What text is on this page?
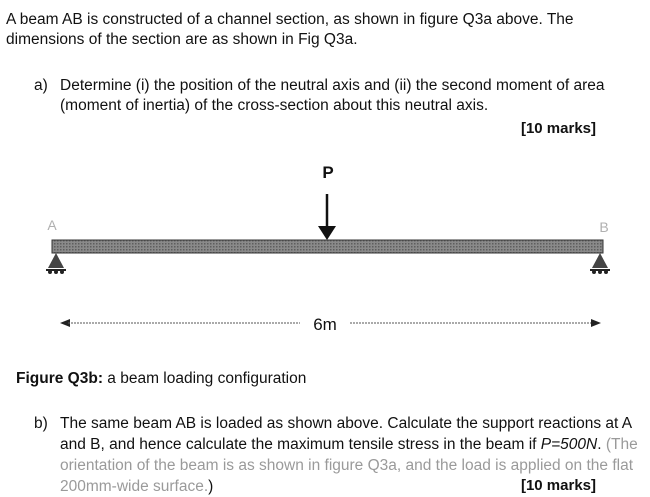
A beam AB is constructed of a channel section, as shown in figure Q3a above. The dimensions of the section are as shown in Fig Q3a.
a) Determine (i) the position of the neutral axis and (ii) the second moment of area (moment of inertia) of the cross-section about this neutral axis.
[10 marks]
P
A	B
6m
Figure Q3b: a beam loading configuration
b) The same beam AB is loaded as shown above. Calculate the support reactions at A and B, and hence calculate the maximum tensile stress in the beam if P=500N. (The orientation of the beam is as shown in figure Q3a, and the load is applied on the flat 200mm-wide surface.)	[10 marks]
